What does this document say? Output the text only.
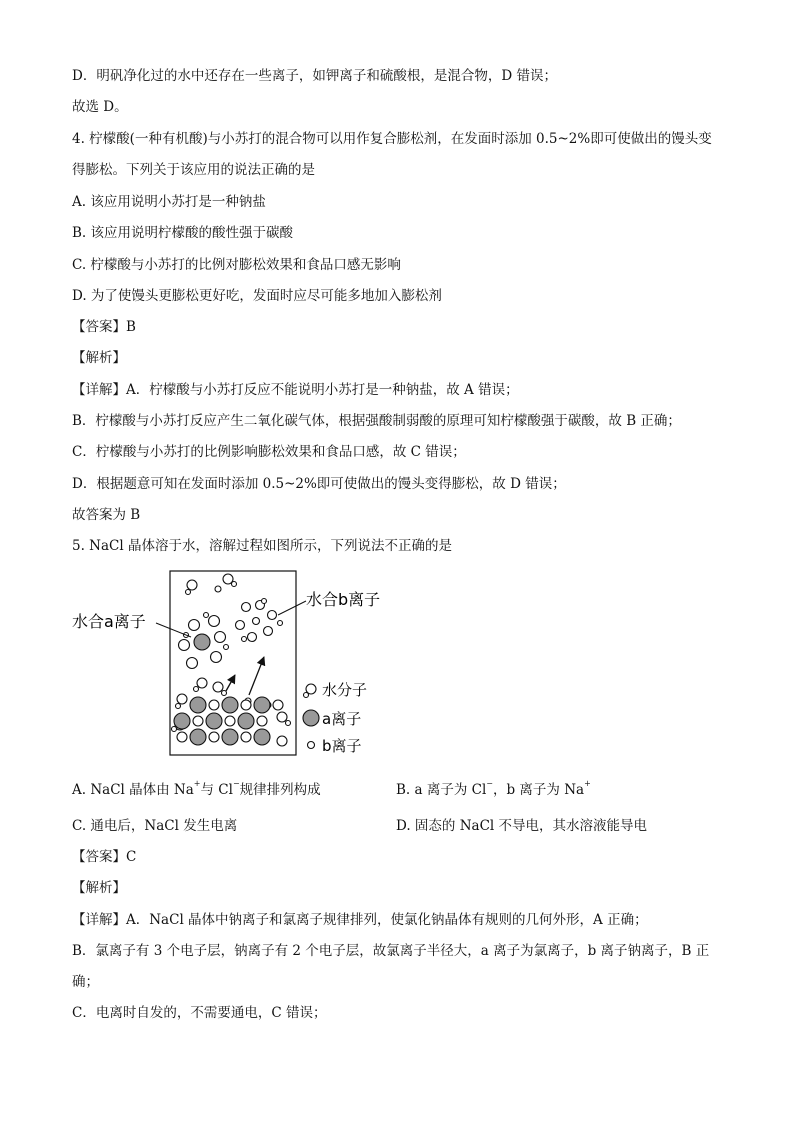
D．明矾净化过的水中还存在一些离子，如钾离子和硫酸根，是混合物，D 错误；
故选 D。
4. 柠檬酸(一种有机酸)与小苏打的混合物可以用作复合膨松剂，在发面时添加 0.5~2%即可使做出的馒头变
得膨松。下列关于该应用的说法正确的是
A. 该应用说明小苏打是一种钠盐
B. 该应用说明柠檬酸的酸性强于碳酸
C. 柠檬酸与小苏打的比例对膨松效果和食品口感无影响
D. 为了使馒头更膨松更好吃，发面时应尽可能多地加入膨松剂
【答案】B
【解析】
【详解】A．柠檬酸与小苏打反应不能说明小苏打是一种钠盐，故 A 错误；
B．柠檬酸与小苏打反应产生二氧化碳气体，根据强酸制弱酸的原理可知柠檬酸强于碳酸，故 B 正确；
C．柠檬酸与小苏打的比例影响膨松效果和食品口感，故 C 错误；
D．根据题意可知在发面时添加 0.5~2%即可使做出的馒头变得膨松，故 D 错误；
故答案为 B
5. NaCl 晶体溶于水，溶解过程如图所示，下列说法不正确的是
水合a离子
水合b离子
水分子
a离子
b离子
A. NaCl 晶体由 Na+与 Cl−规律排列构成	B. a 离子为 Cl−，b 离子为 Na+
C. 通电后，NaCl 发生电离	D. 固态的 NaCl 不导电，其水溶液能导电
【答案】C
【解析】
【详解】A．NaCl 晶体中钠离子和氯离子规律排列，使氯化钠晶体有规则的几何外形，A 正确；
B．氯离子有 3 个电子层，钠离子有 2 个电子层，故氯离子半径大，a 离子为氯离子，b 离子钠离子，B 正
确；
C．电离时自发的，不需要通电，C 错误；
